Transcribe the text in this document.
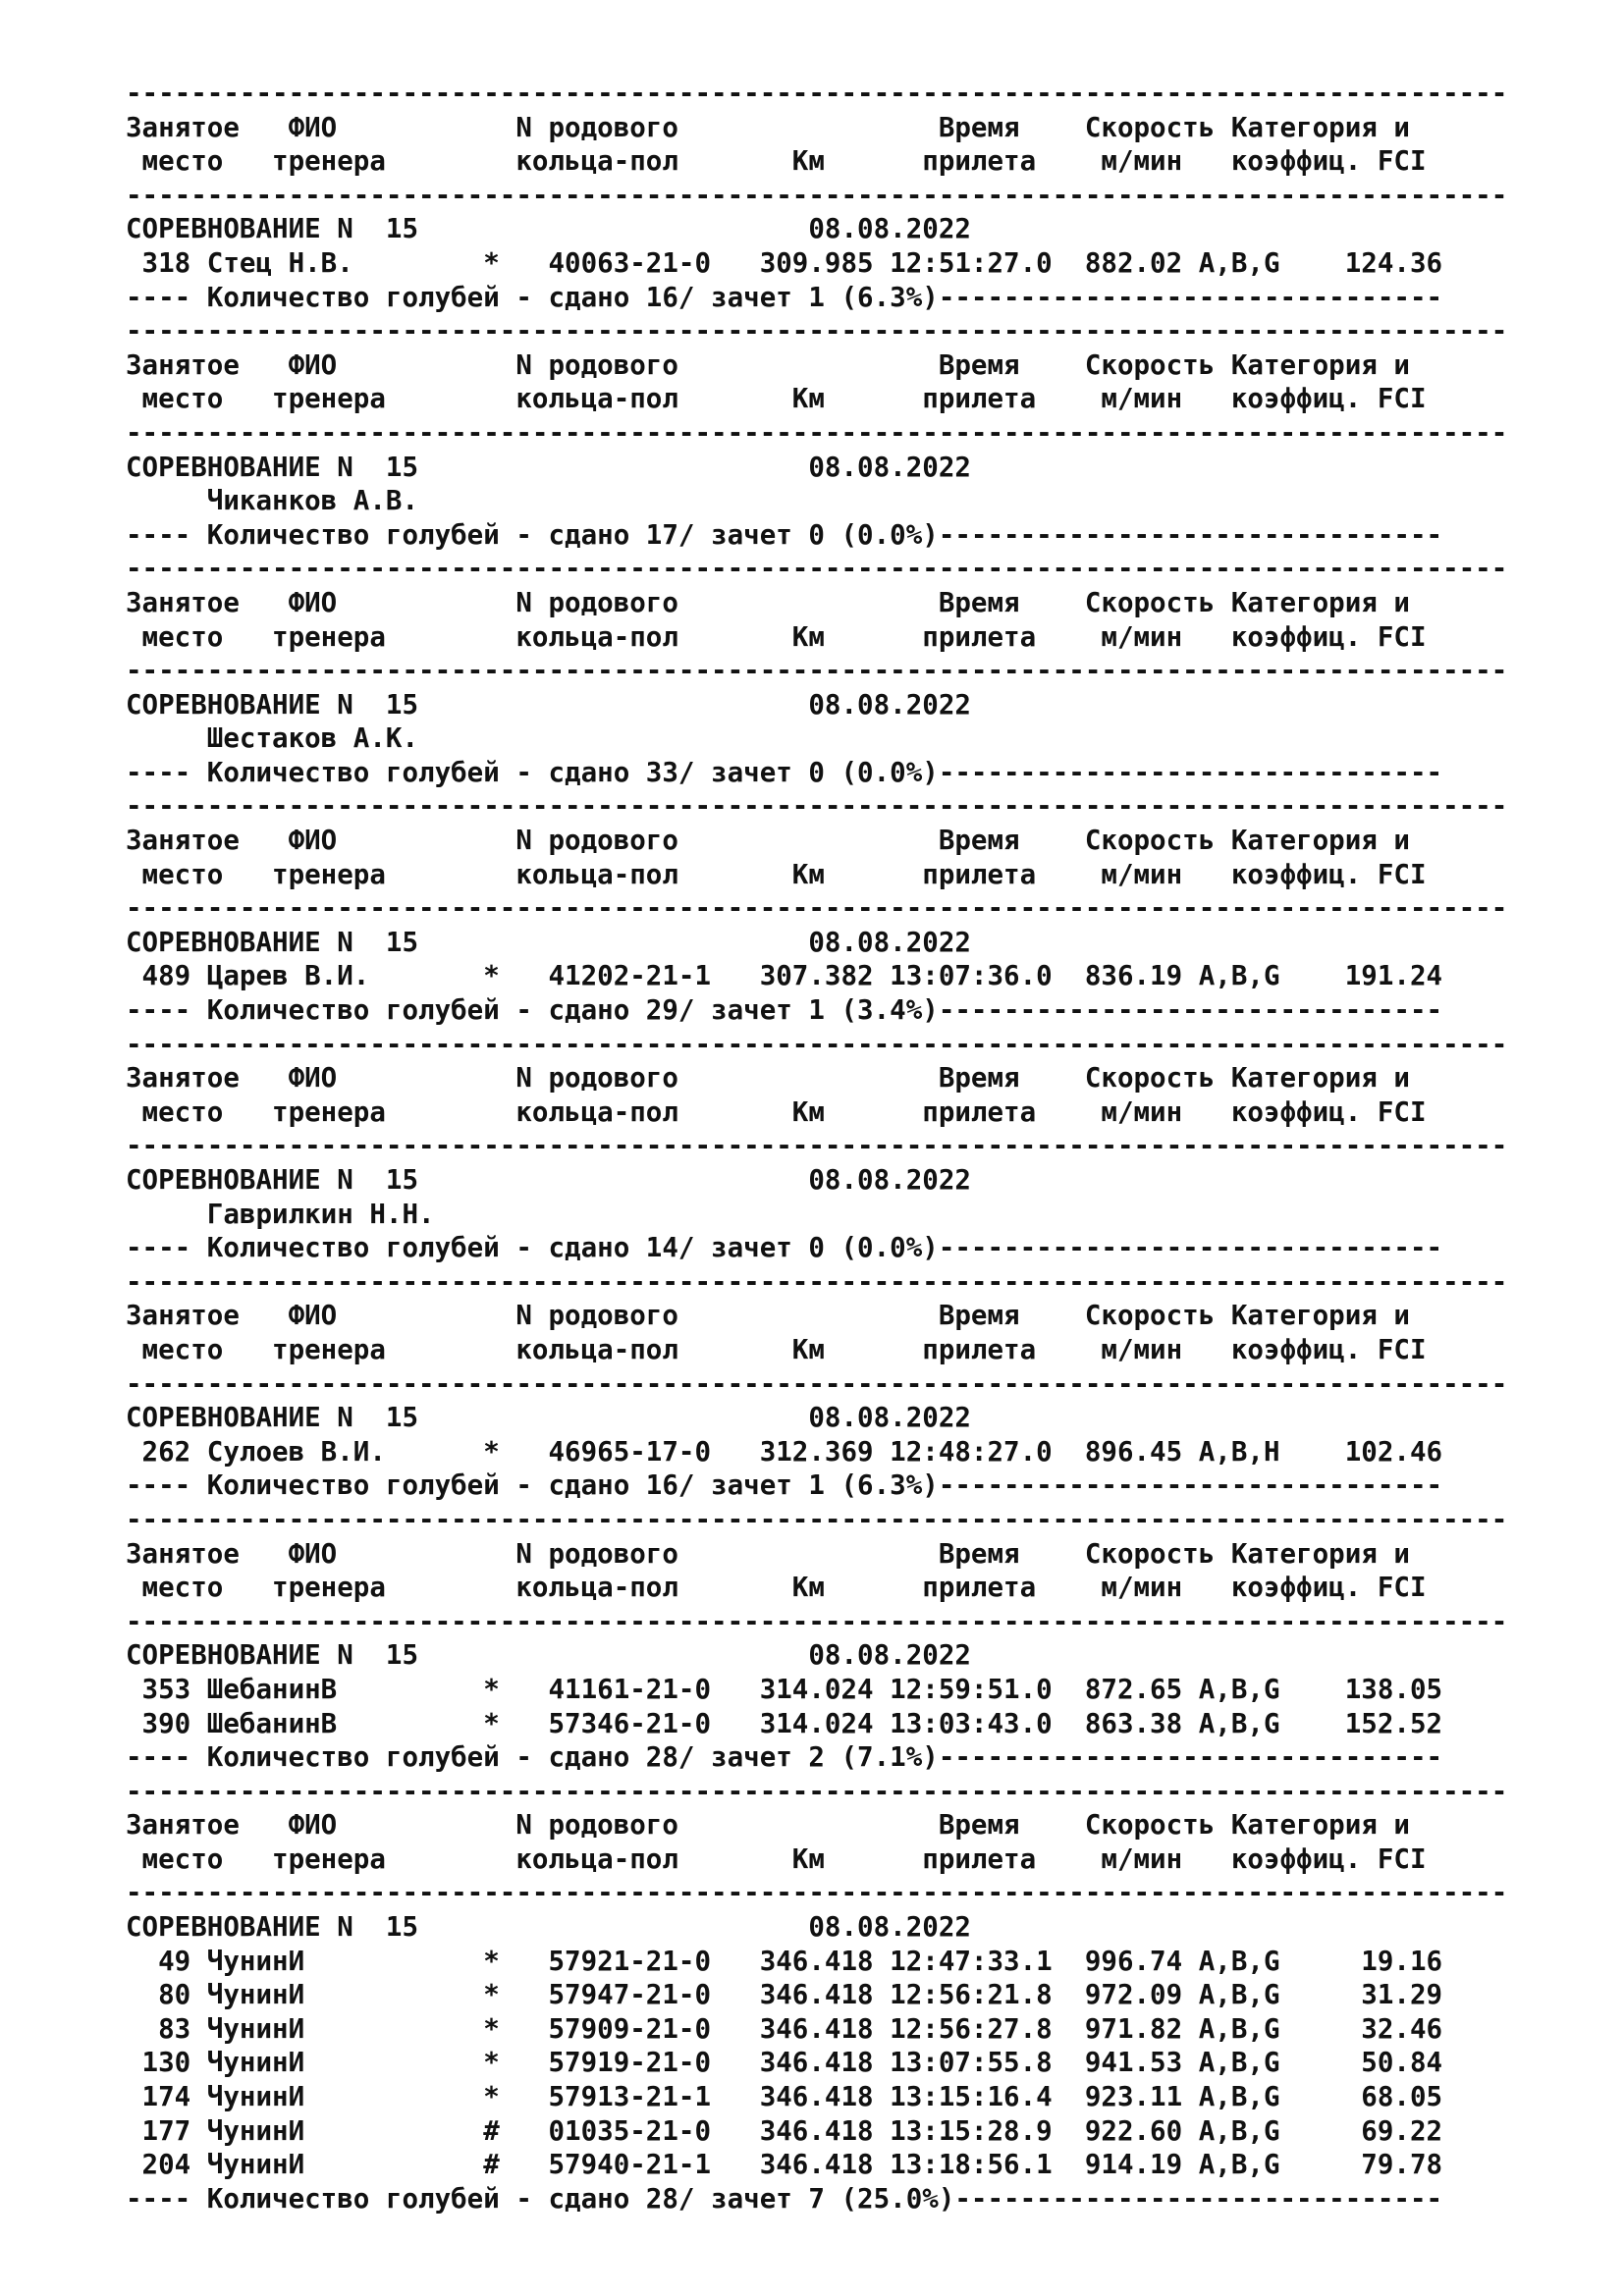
-------------------------------------------------------------------------------------
Занятое   ФИО           N родового                Время    Скорость Категория и
место   тренера        кольца-пол       Км      прилета    м/мин   коэффиц. FCI
-------------------------------------------------------------------------------------
СОРЕВНОВАНИЕ N  15                        08.08.2022
318 Стец Н.В.        *   40063-21-0   309.985 12:51:27.0  882.02 A,B,G    124.36
---- Количество голубей - сдано 16/ зачет 1 (6.3%)-------------------------------
-------------------------------------------------------------------------------------
Занятое   ФИО           N родового                Время    Скорость Категория и
место   тренера        кольца-пол       Км      прилета    м/мин   коэффиц. FCI
-------------------------------------------------------------------------------------
СОРЕВНОВАНИЕ N  15                        08.08.2022
Чиканков А.В.
---- Количество голубей - сдано 17/ зачет 0 (0.0%)-------------------------------
-------------------------------------------------------------------------------------
Занятое   ФИО           N родового                Время    Скорость Категория и
место   тренера        кольца-пол       Км      прилета    м/мин   коэффиц. FCI
-------------------------------------------------------------------------------------
СОРЕВНОВАНИЕ N  15                        08.08.2022
Шестаков А.К.
---- Количество голубей - сдано 33/ зачет 0 (0.0%)-------------------------------
-------------------------------------------------------------------------------------
Занятое   ФИО           N родового                Время    Скорость Категория и
место   тренера        кольца-пол       Км      прилета    м/мин   коэффиц. FCI
-------------------------------------------------------------------------------------
СОРЕВНОВАНИЕ N  15                        08.08.2022
489 Царев В.И.       *   41202-21-1   307.382 13:07:36.0  836.19 A,B,G    191.24
---- Количество голубей - сдано 29/ зачет 1 (3.4%)-------------------------------
-------------------------------------------------------------------------------------
Занятое   ФИО           N родового                Время    Скорость Категория и
место   тренера        кольца-пол       Км      прилета    м/мин   коэффиц. FCI
-------------------------------------------------------------------------------------
СОРЕВНОВАНИЕ N  15                        08.08.2022
Гаврилкин Н.Н.
---- Количество голубей - сдано 14/ зачет 0 (0.0%)-------------------------------
-------------------------------------------------------------------------------------
Занятое   ФИО           N родового                Время    Скорость Категория и
место   тренера        кольца-пол       Км      прилета    м/мин   коэффиц. FCI
-------------------------------------------------------------------------------------
СОРЕВНОВАНИЕ N  15                        08.08.2022
262 Сулоев В.И.      *   46965-17-0   312.369 12:48:27.0  896.45 A,B,H    102.46
---- Количество голубей - сдано 16/ зачет 1 (6.3%)-------------------------------
-------------------------------------------------------------------------------------
Занятое   ФИО           N родового                Время    Скорость Категория и
место   тренера        кольца-пол       Км      прилета    м/мин   коэффиц. FCI
-------------------------------------------------------------------------------------
СОРЕВНОВАНИЕ N  15                        08.08.2022
353 ШебанинВ         *   41161-21-0   314.024 12:59:51.0  872.65 A,B,G    138.05
390 ШебанинВ         *   57346-21-0   314.024 13:03:43.0  863.38 A,B,G    152.52
---- Количество голубей - сдано 28/ зачет 2 (7.1%)-------------------------------
-------------------------------------------------------------------------------------
Занятое   ФИО           N родового                Время    Скорость Категория и
место   тренера        кольца-пол       Км      прилета    м/мин   коэффиц. FCI
-------------------------------------------------------------------------------------
СОРЕВНОВАНИЕ N  15                        08.08.2022
49 ЧунинИ           *   57921-21-0   346.418 12:47:33.1  996.74 A,B,G     19.16
80 ЧунинИ           *   57947-21-0   346.418 12:56:21.8  972.09 A,B,G     31.29
83 ЧунинИ           *   57909-21-0   346.418 12:56:27.8  971.82 A,B,G     32.46
130 ЧунинИ           *   57919-21-0   346.418 13:07:55.8  941.53 A,B,G     50.84
174 ЧунинИ           *   57913-21-1   346.418 13:15:16.4  923.11 A,B,G     68.05
177 ЧунинИ           #   01035-21-0   346.418 13:15:28.9  922.60 A,B,G     69.22
204 ЧунинИ           #   57940-21-1   346.418 13:18:56.1  914.19 A,B,G     79.78
---- Количество голубей - сдано 28/ зачет 7 (25.0%)------------------------------
